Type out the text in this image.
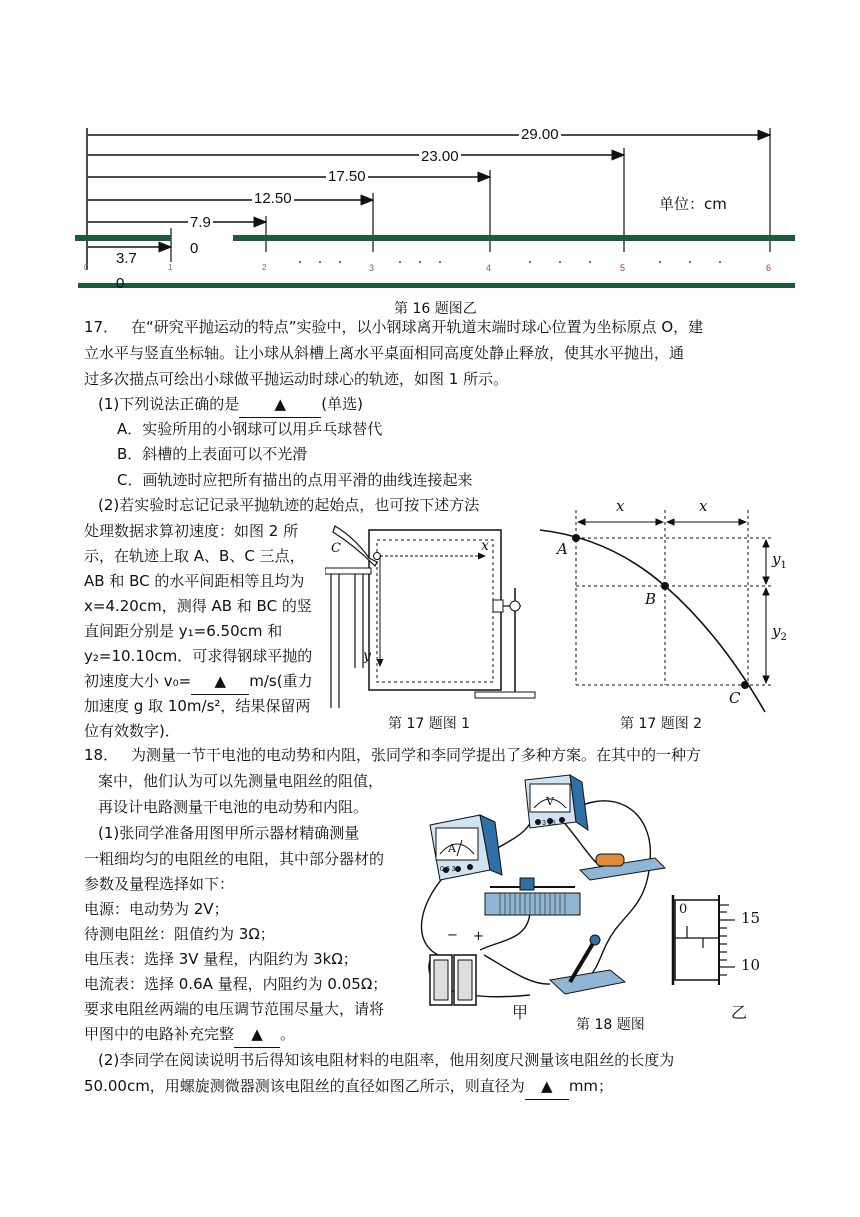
29.00
23.00
17.50
12.50
7.9
0
3.7
0
单位：cm
0	1	2	3	4	5	6
第 16 题图乙
17． 在“研究平抛运动的特点”实验中，以小钢球离开轨道末端时球心位置为坐标原点 O，建
立水平与竖直坐标轴。让小球从斜槽上离水平桌面相同高度处静止释放，使其水平抛出，通
过多次描点可绘出小球做平抛运动时球心的轨迹，如图 1 所示。
(1)下列说法正确的是 ▲ (单选)
A．实验所用的小钢球可以用乒乓球替代
B．斜槽的上表面可以不光滑
C．画轨迹时应把所有描出的点用平滑的曲线连接起来
(2)若实验时忘记记录平抛轨迹的起始点，也可按下述方法
处理数据求算初速度：如图 2 所
示，在轨迹上取 A、B、C 三点，
AB 和 BC 的水平间距相等且均为
x=4.20cm，测得 AB 和 BC 的竖
直间距分别是 y₁=6.50cm 和
y₂=10.10cm．可求得钢球平抛的
初速度大小 v₀= ▲ m/s(重力
加速度 g 取 10m/s²，结果保留两
位有效数字)．
C	x
y
第 17 题图 1
x	x
A
B
C
$y_1$
$y_2$
第 17 题图 2
18． 为测量一节干电池的电动势和内阻，张同学和李同学提出了多种方案。在其中的一种方
案中，他们认为可以先测量电阻丝的阻值，
再设计电路测量干电池的电动势和内阻。
(1)张同学准备用图甲所示器材精确测量
一粗细均匀的电阻丝的电阻，其中部分器材的
参数及量程选择如下：
电源：电动势为 2V；
待测电阻丝：阻值约为 3Ω；
电压表：选择 3V 量程，内阻约为 3kΩ；
电流表：选择 0.6A 量程，内阻约为 0.05Ω；
要求电阻丝两端的电压调节范围尽量大，请将
甲图中的电路补充完整 ▲ 。
(2)李同学在阅读说明书后得知该电阻材料的电阻率，他用刻度尺测量该电阻丝的长度为
50.00cm，用螺旋测微器测该电阻丝的直径如图乙所示，则直径为 ▲ mm；
A
V
0.6 3
3 15
− +
甲
第 18 题图
0	15
10
乙
